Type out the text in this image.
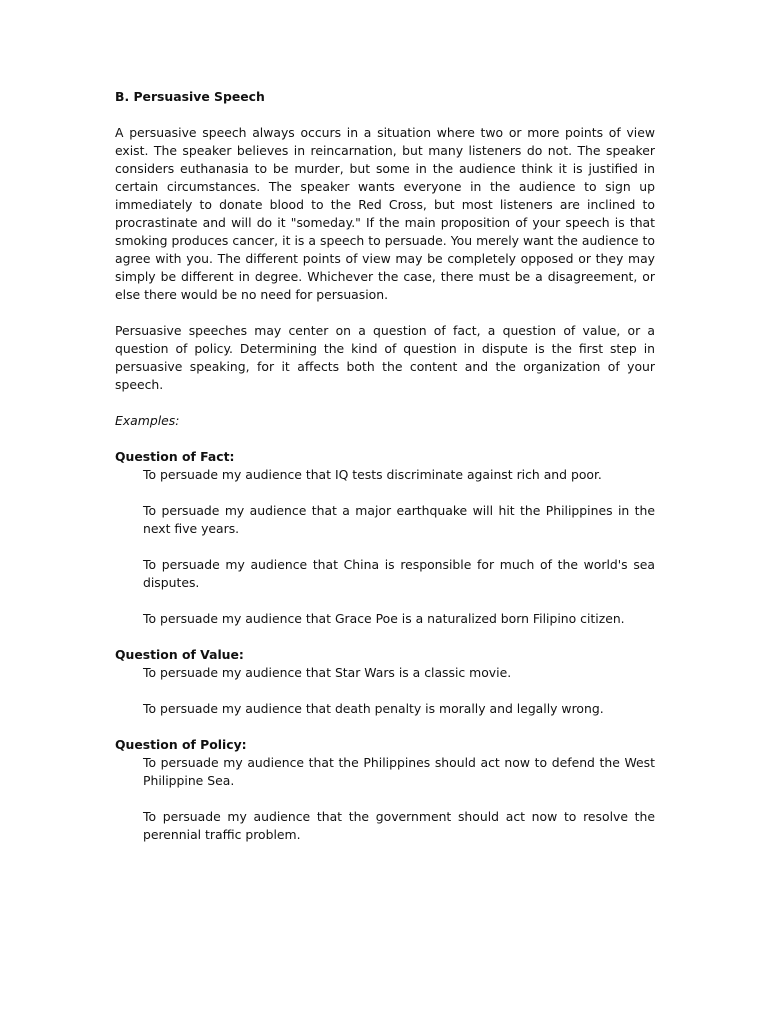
B. Persuasive Speech

A persuasive speech always occurs in a situation where two or more points of view exist. The speaker believes in reincarnation, but many listeners do not. The speaker considers euthanasia to be murder, but some in the audience think it is justified in certain circumstances. The speaker wants everyone in the audience to sign up immediately to donate blood to the Red Cross, but most listeners are inclined to procrastinate and will do it "someday." If the main proposition of your speech is that smoking produces cancer, it is a speech to persuade. You merely want the audience to agree with you. The different points of view may be completely opposed or they may simply be different in degree. Whichever the case, there must be a disagreement, or else there would be no need for persuasion.

Persuasive speeches may center on a question of fact, a question of value, or a question of policy. Determining the kind of question in dispute is the first step in persuasive speaking, for it affects both the content and the organization of your speech.

Examples:
Question of Fact:

To persuade my audience that IQ tests discriminate against rich and poor.

To persuade my audience that a major earthquake will hit the Philippines in the next five years.

To persuade my audience that China is responsible for much of the world's sea disputes.

To persuade my audience that Grace Poe is a naturalized born Filipino citizen.

Question of Value:

To persuade my audience that Star Wars is a classic movie.

To persuade my audience that death penalty is morally and legally wrong.

Question of Policy:

To persuade my audience that the Philippines should act now to defend the West Philippine Sea.

To persuade my audience that the government should act now to resolve the perennial traffic problem.
